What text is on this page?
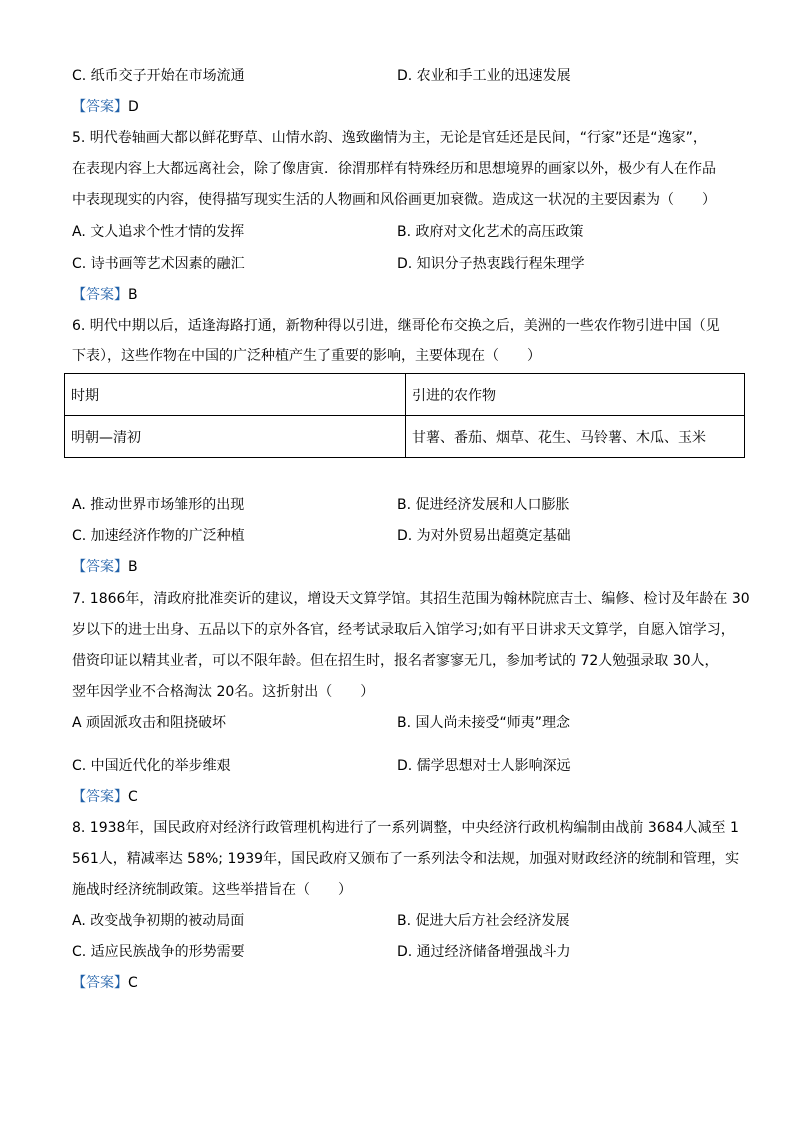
C. 纸币交子开始在市场流通	D. 农业和手工业的迅速发展
【答案】D
5. 明代卷轴画大都以鲜花野草、山情水韵、逸致幽情为主，无论是官廷还是民间，“行家”还是“逸家”，
在表现内容上大都远离社会，除了像唐寅．徐渭那样有特殊经历和思想境界的画家以外，极少有人在作品
中表现现实的内容，使得描写现实生活的人物画和风俗画更加衰微。造成这一状况的主要因素为（　　）
A. 文人追求个性才情的发挥	B. 政府对文化艺术的高压政策
C. 诗书画等艺术因素的融汇	D. 知识分子热衷践行程朱理学
【答案】B
6. 明代中期以后，适逢海路打通，新物种得以引进，继哥伦布交换之后，美洲的一些农作物引进中国（见
下表），这些作物在中国的广泛种植产生了重要的影响，主要体现在（　　）
时期	引进的农作物
明朝—清初	甘薯、番茄、烟草、花生、马铃薯、木瓜、玉米
A. 推动世界市场雏形的出现	B. 促进经济发展和人口膨胀
C. 加速经济作物的广泛种植	D. 为对外贸易出超奠定基础
【答案】B
7. 1866年，清政府批准奕䜣的建议，增设天文算学馆。其招生范围为翰林院庶吉士、编修、检讨及年龄在 30
岁以下的进士出身、五品以下的京外各官，经考试录取后入馆学习;如有平日讲求天文算学，自愿入馆学习，
借资印证以精其业者，可以不限年龄。但在招生时，报名者寥寥无几，参加考试的 72人勉强录取 30人，
翌年因学业不合格淘汰 20名。这折射出（　　）
A 顽固派攻击和阻挠破坏	B. 国人尚未接受“师夷”理念
C. 中国近代化的举步维艰	D. 儒学思想对士人影响深远
【答案】C
8. 1938年，国民政府对经济行政管理机构进行了一系列调整，中央经济行政机构编制由战前 3684人减至 1
561人，精减率达 58%; 1939年，国民政府又颁布了一系列法令和法规，加强对财政经济的统制和管理，实
施战时经济统制政策。这些举措旨在（　　）
A. 改变战争初期的被动局面	B. 促进大后方社会经济发展
C. 适应民族战争的形势需要	D. 通过经济储备增强战斗力
【答案】C
